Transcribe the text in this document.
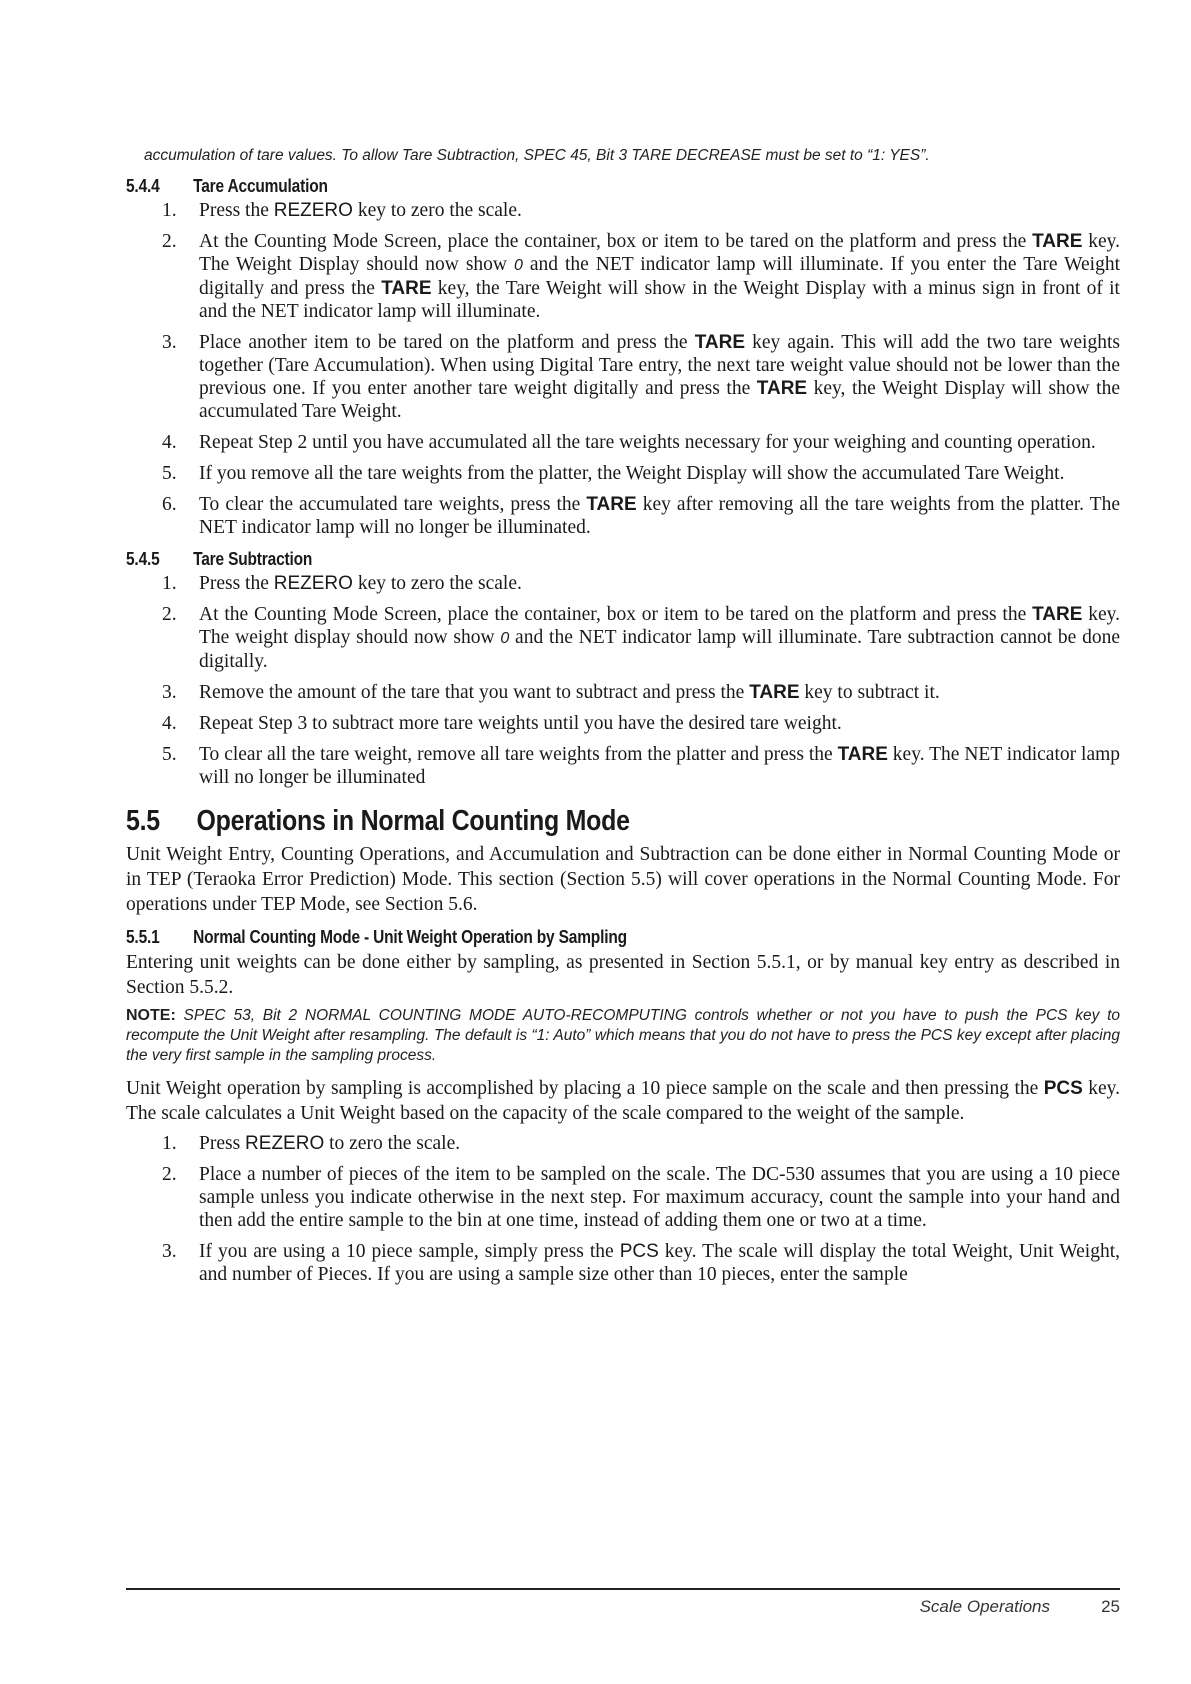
accumulation of tare values. To allow Tare Subtraction, SPEC 45, Bit 3 TARE DECREASE must be set to “1: YES”.

5.4.4 Tare Accumulation
1. Press the REZERO key to zero the scale.
2. At the Counting Mode Screen, place the container, box or item to be tared on the platform and press the TARE key. The Weight Display should now show 0 and the NET indicator lamp will illuminate. If you enter the Tare Weight digitally and press the TARE key, the Tare Weight will show in the Weight Display with a minus sign in front of it and the NET indicator lamp will illuminate.
3. Place another item to be tared on the platform and press the TARE key again. This will add the two tare weights together (Tare Accumulation). When using Digital Tare entry, the next tare weight value should not be lower than the previous one. If you enter another tare weight digitally and press the TARE key, the Weight Display will show the accumulated Tare Weight.
4. Repeat Step 2 until you have accumulated all the tare weights necessary for your weighing and counting operation.
5. If you remove all the tare weights from the platter, the Weight Display will show the accumulated Tare Weight.
6. To clear the accumulated tare weights, press the TARE key after removing all the tare weights from the platter. The NET indicator lamp will no longer be illuminated.
5.4.5 Tare Subtraction
1. Press the REZERO key to zero the scale.
2. At the Counting Mode Screen, place the container, box or item to be tared on the platform and press the TARE key. The weight display should now show 0 and the NET indicator lamp will illuminate. Tare subtraction cannot be done digitally.
3. Remove the amount of the tare that you want to subtract and press the TARE key to subtract it.
4. Repeat Step 3 to subtract more tare weights until you have the desired tare weight.
5. To clear all the tare weight, remove all tare weights from the platter and press the TARE key. The NET indicator lamp will no longer be illuminated
5.5 Operations in Normal Counting Mode

Unit Weight Entry, Counting Operations, and Accumulation and Subtraction can be done either in Normal Counting Mode or in TEP (Teraoka Error Prediction) Mode. This section (Section 5.5) will cover operations in the Normal Counting Mode. For operations under TEP Mode, see Section 5.6.

5.5.1 Normal Counting Mode - Unit Weight Operation by Sampling

Entering unit weights can be done either by sampling, as presented in Section 5.5.1, or by manual key entry as described in Section 5.5.2.

NOTE: SPEC 53, Bit 2 NORMAL COUNTING MODE AUTO-RECOMPUTING controls whether or not you have to push the PCS key to recompute the Unit Weight after resampling. The default is “1: Auto” which means that you do not have to press the PCS key except after placing the very first sample in the sampling process.

Unit Weight operation by sampling is accomplished by placing a 10 piece sample on the scale and then pressing the PCS key. The scale calculates a Unit Weight based on the capacity of the scale compared to the weight of the sample.

1. Press REZERO to zero the scale.
2. Place a number of pieces of the item to be sampled on the scale. The DC-530 assumes that you are using a 10 piece sample unless you indicate otherwise in the next step. For maximum accuracy, count the sample into your hand and then add the entire sample to the bin at one time, instead of adding them one or two at a time.
3. If you are using a 10 piece sample, simply press the PCS key. The scale will display the total Weight, Unit Weight, and number of Pieces. If you are using a sample size other than 10 pieces, enter the sample
Scale Operations	25
